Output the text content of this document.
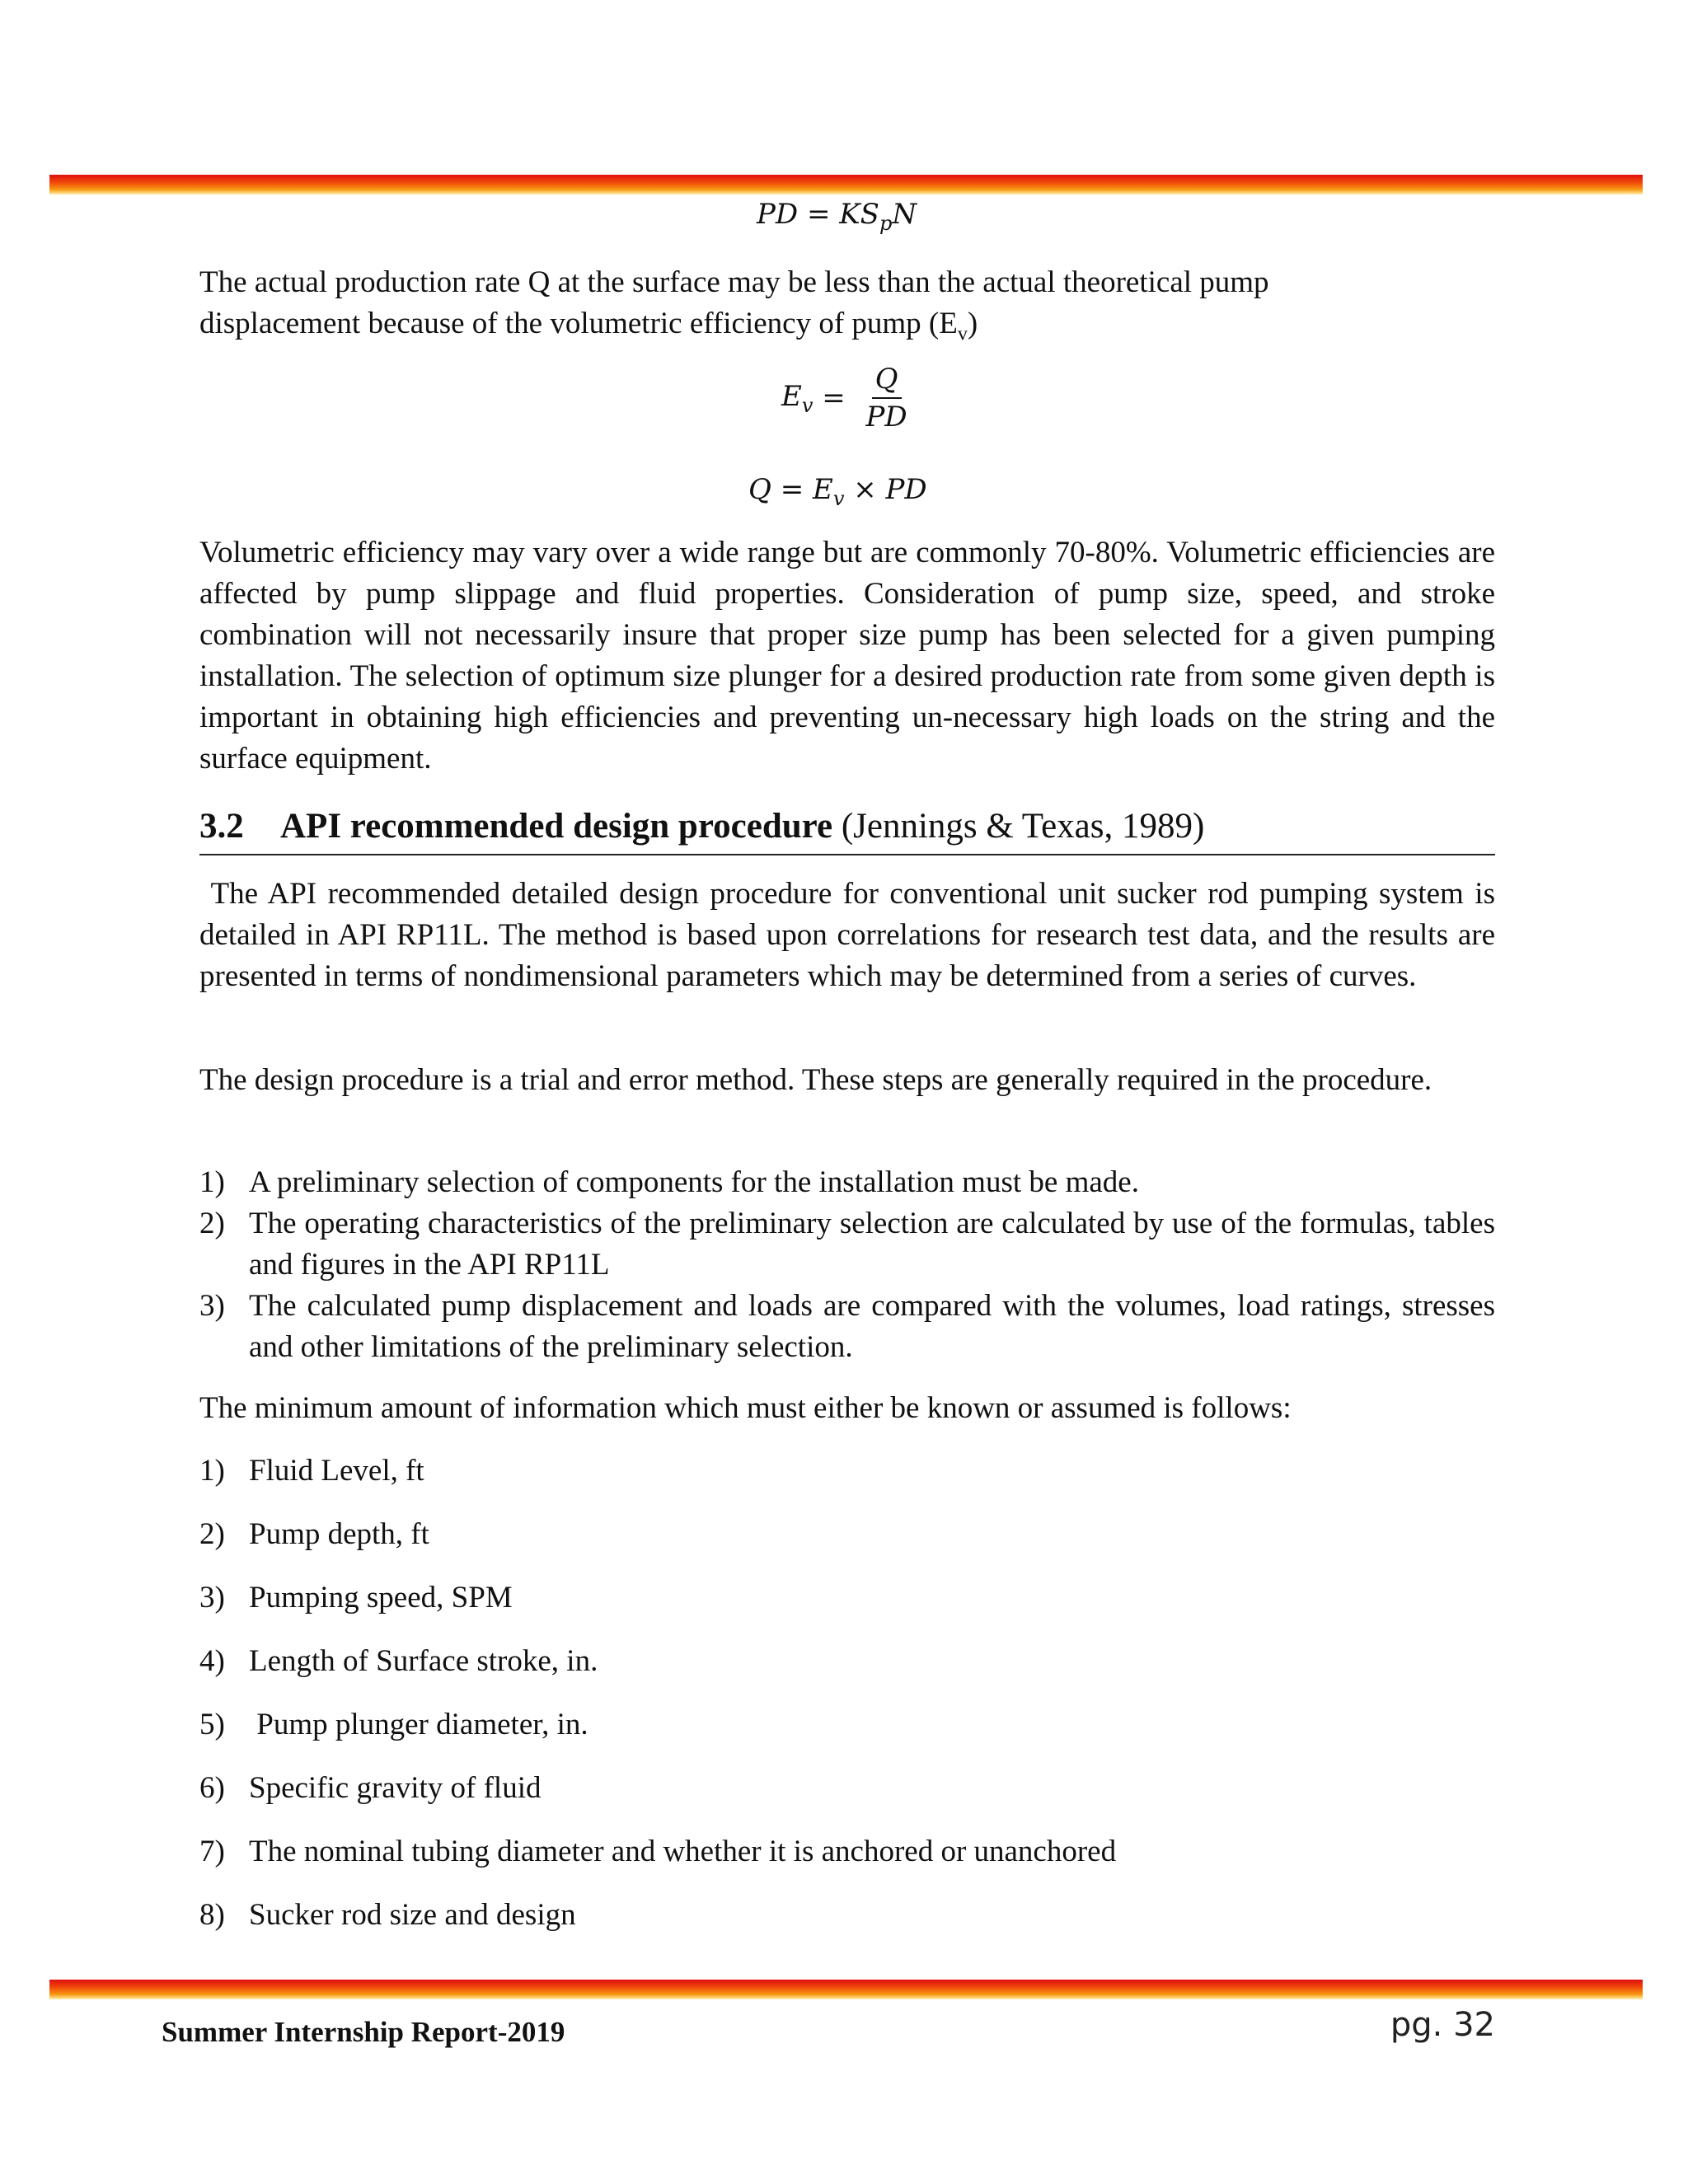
PD = $KS_pN$

The actual production rate Q at the surface may be less than the actual theoretical pump displacement because of the volumetric efficiency of pump $(E_v)$

$E_v = \frac{Q}{PD}$
$Q = E_v$ × PD

Volumetric efficiency may vary over a wide range but are commonly 70-80%. Volumetric efficiencies are affected by pump slippage and fluid properties. Consideration of pump size, speed, and stroke combination will not necessarily insure that proper size pump has been selected for a given pumping installation. The selection of optimum size plunger for a desired production rate from some given depth is important in obtaining high efficiencies and preventing un-necessary high loads on the string and the surface equipment.

3.2 API recommended design procedure (Jennings & Texas, 1989)

The API recommended detailed design procedure for conventional unit sucker rod pumping system is detailed in API RP11L. The method is based upon correlations for research test data, and the results are presented in terms of nondimensional parameters which may be determined from a series of curves.

The design procedure is a trial and error method. These steps are generally required in the procedure.

1) A preliminary selection of components for the installation must be made.
2) The operating characteristics of the preliminary selection are calculated by use of the formulas, tables and figures in the API RP11L
3) The calculated pump displacement and loads are compared with the volumes, load ratings, stresses and other limitations of the preliminary selection.

The minimum amount of information which must either be known or assumed is follows:

1) Fluid Level, ft
2) Pump depth, ft
3) Pumping speed, SPM
4) Length of Surface stroke, in.
5) Pump plunger diameter, in.
6) Specific gravity of fluid
7) The nominal tubing diameter and whether it is anchored or unanchored
8) Sucker rod size and design
Summer Internship Report-2019	pg. 32
